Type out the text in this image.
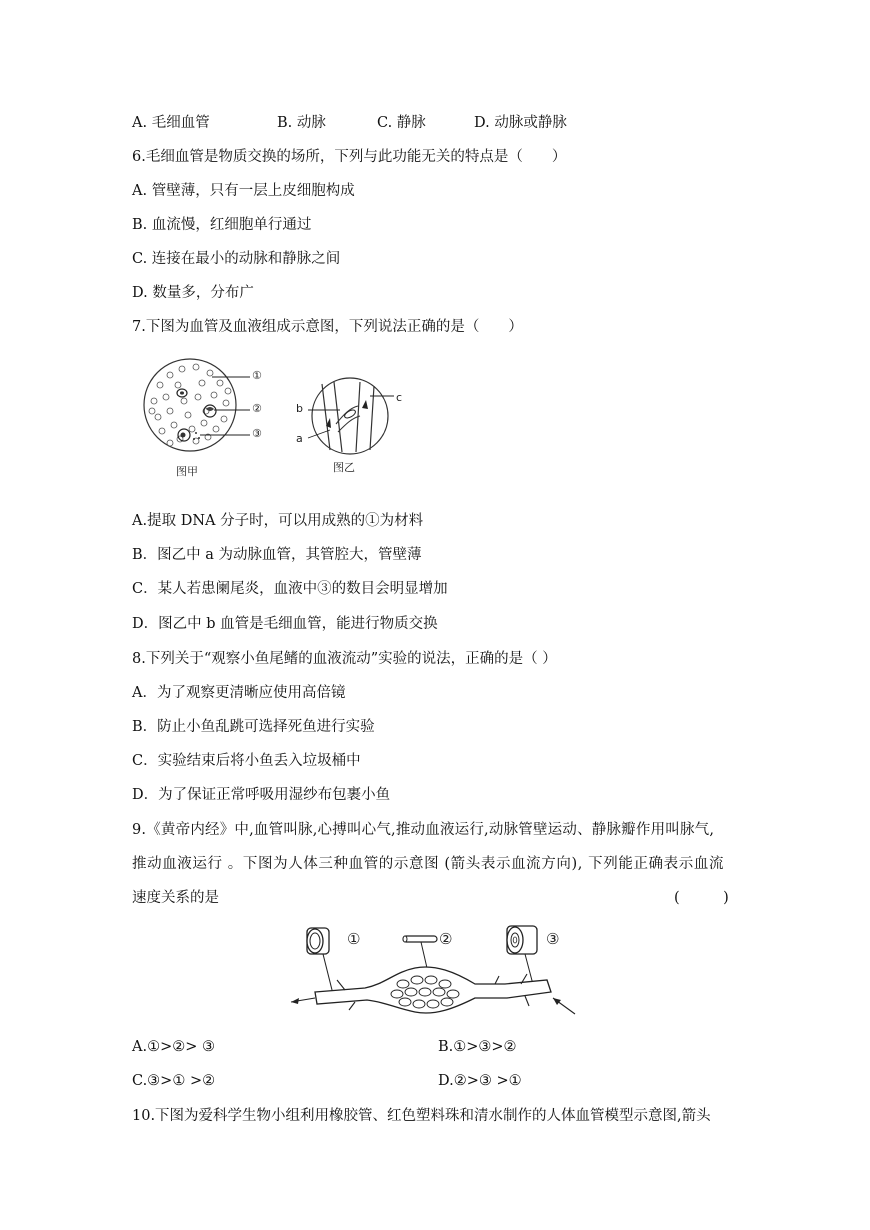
A. 毛细血管	B. 动脉	C. 静脉	D. 动脉或静脉
6.毛细血管是物质交换的场所，下列与此功能无关的特点是（　　）
A. 管壁薄，只有一层上皮细胞构成
B. 血流慢，红细胞单行通过
C. 连接在最小的动脉和静脉之间
D. 数量多，分布广
7.下图为血管及血液组成示意图，下列说法正确的是（　　）
①
②
③
图甲
b
a
c
图乙
A.提取 DNA 分子时，可以用成熟的①为材料
B．图乙中 a 为动脉血管，其管腔大，管壁薄
C．某人若患阑尾炎，血液中③的数目会明显增加
D．图乙中 b 血管是毛细血管，能进行物质交换
8.下列关于“观察小鱼尾鳍的血液流动”实验的说法，正确的是（ ）
A．为了观察更清晰应使用高倍镜
B．防止小鱼乱跳可选择死鱼进行实验
C．实验结束后将小鱼丢入垃圾桶中
D．为了保证正常呼吸用湿纱布包裹小鱼
9.《黄帝内经》中,血管叫脉,心搏叫心气,推动血液运行,动脉管壁运动、静脉瓣作用叫脉气,
推动血液运行 。下图为人体三种血管的示意图 (箭头表示血流方向), 下列能正确表示血流
速度关系的是	(　　　)
①	②	③
A.①>②> ③	B.①>③>②
C.③>① >②	D.②>③ >①
10.下图为爱科学生物小组利用橡胶管、红色塑料珠和清水制作的人体血管模型示意图,箭头
